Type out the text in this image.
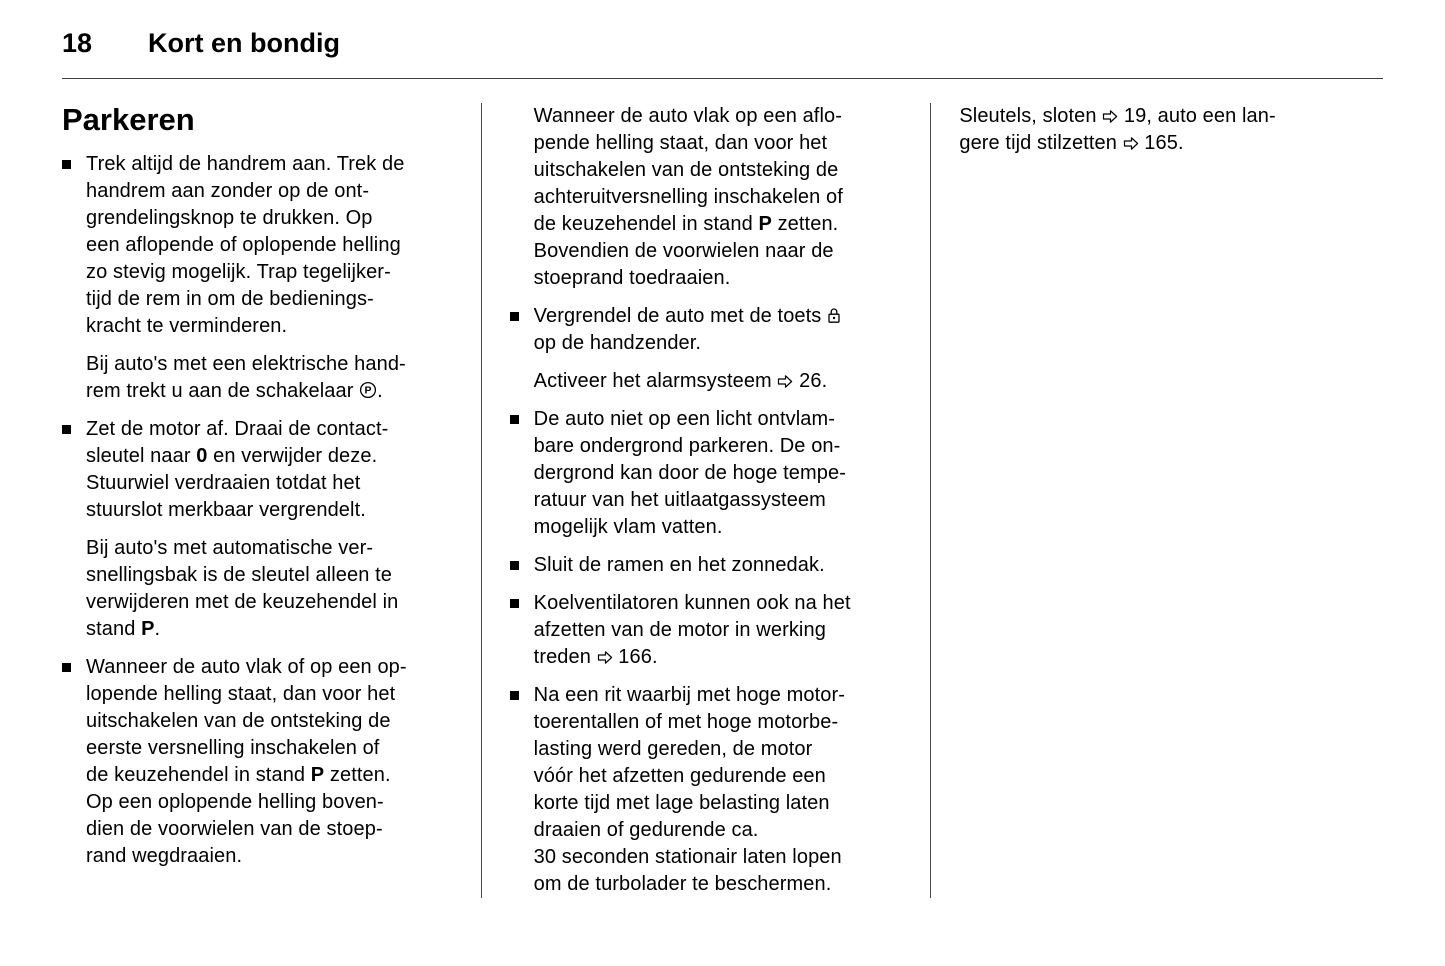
18 Kort en bondig
Parkeren

Trek altijd de handrem aan. Trek de
handrem aan zonder op de ont-
grendelingsknop te drukken. Op
een aflopende of oplopende helling
zo stevig mogelijk. Trap tegelijker-
tijd de rem in om de bedienings-
kracht te verminderen.

Bij auto's met een elektrische hand-
rem trekt u aan de schakelaar P .

Zet de motor af. Draai de contact-
sleutel naar 0 en verwijder deze.
Stuurwiel verdraaien totdat het
stuurslot merkbaar vergrendelt.

Bij auto's met automatische ver-
snellingsbak is de sleutel alleen te
verwijderen met de keuzehendel in
stand P.

Wanneer de auto vlak of op een op-
lopende helling staat, dan voor het
uitschakelen van de ontsteking de
eerste versnelling inschakelen of
de keuzehendel in stand P zetten.
Op een oplopende helling boven-
dien de voorwielen van de stoep-
rand wegdraaien.

Wanneer de auto vlak op een aflo-
pende helling staat, dan voor het
uitschakelen van de ontsteking de
achteruitversnelling inschakelen of
de keuzehendel in stand P zetten.
Bovendien de voorwielen naar de
stoeprand toedraaien.

Vergrendel de auto met de toets
op de handzender.

Activeer het alarmsysteem  26.

De auto niet op een licht ontvlam-
bare ondergrond parkeren. De on-
dergrond kan door de hoge tempe-
ratuur van het uitlaatgassysteem
mogelijk vlam vatten.

Sluit de ramen en het zonnedak.

Koelventilatoren kunnen ook na het
afzetten van de motor in werking
treden  166.

Na een rit waarbij met hoge motor-
toerentallen of met hoge motorbe-
lasting werd gereden, de motor
vóór het afzetten gedurende een
korte tijd met lage belasting laten
draaien of gedurende ca.
30 seconden stationair laten lopen
om de turbolader te beschermen.

Sleutels, sloten  19, auto een lan-
gere tijd stilzetten  165.
